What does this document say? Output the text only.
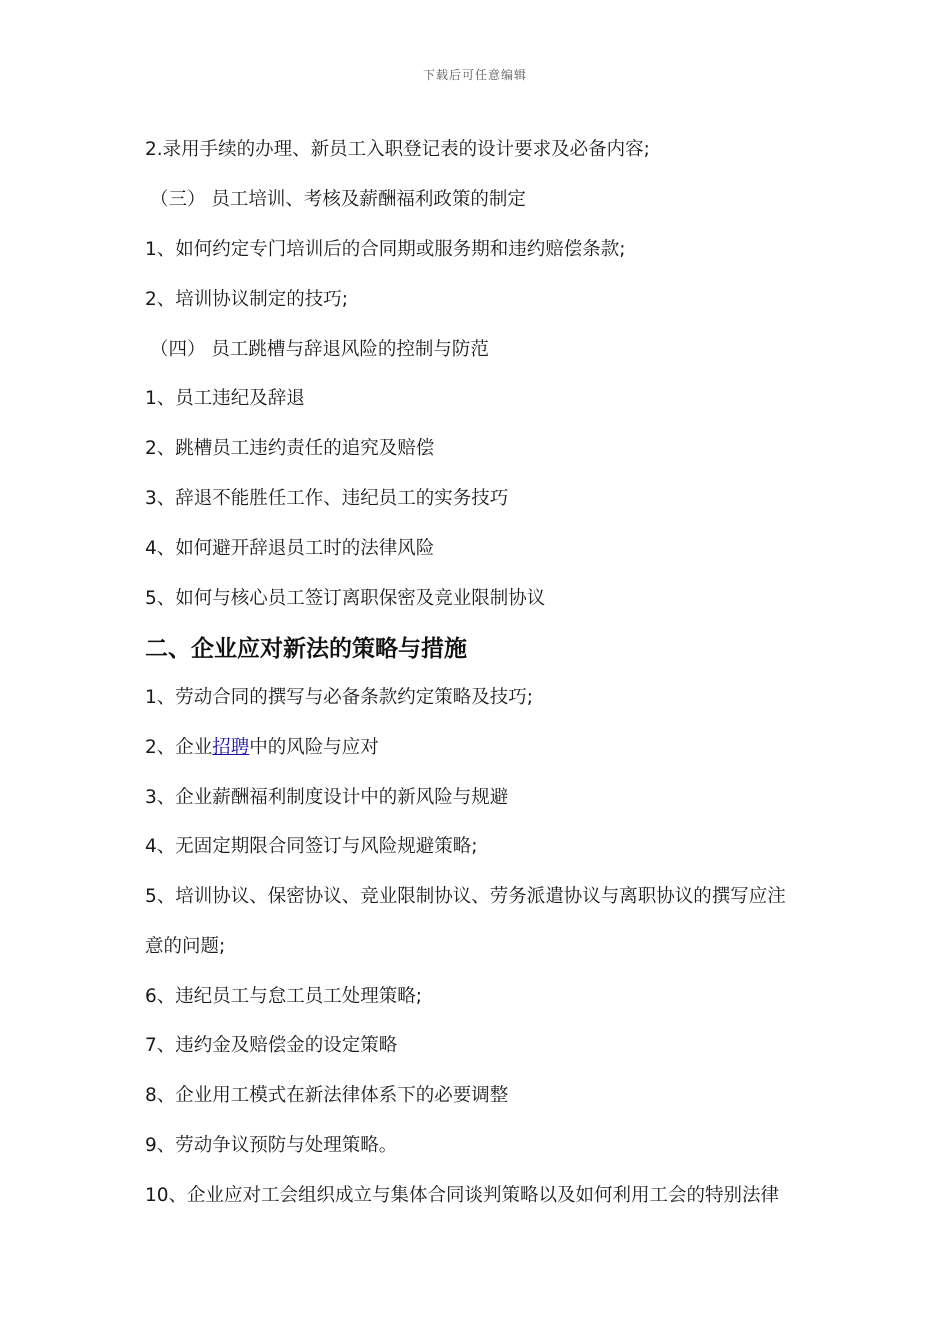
下载后可任意编辑
2.录用手续的办理、新员工入职登记表的设计要求及必备内容;
（三） 员工培训、考核及薪酬福利政策的制定
1、如何约定专门培训后的合同期或服务期和违约赔偿条款;
2、培训协议制定的技巧;
（四） 员工跳槽与辞退风险的控制与防范
1、员工违纪及辞退
2、跳槽员工违约责任的追究及赔偿
3、辞退不能胜任工作、违纪员工的实务技巧
4、如何避开辞退员工时的法律风险
5、如何与核心员工签订离职保密及竞业限制协议
二、企业应对新法的策略与措施
1、劳动合同的撰写与必备条款约定策略及技巧;
2、企业招聘中的风险与应对
3、企业薪酬福利制度设计中的新风险与规避
4、无固定期限合同签订与风险规避策略;
5、培训协议、保密协议、竞业限制协议、劳务派遣协议与离职协议的撰写应注
意的问题;
6、违纪员工与怠工员工处理策略;
7、违约金及赔偿金的设定策略
8、企业用工模式在新法律体系下的必要调整
9、劳动争议预防与处理策略。
10、企业应对工会组织成立与集体合同谈判策略以及如何利用工会的特别法律
